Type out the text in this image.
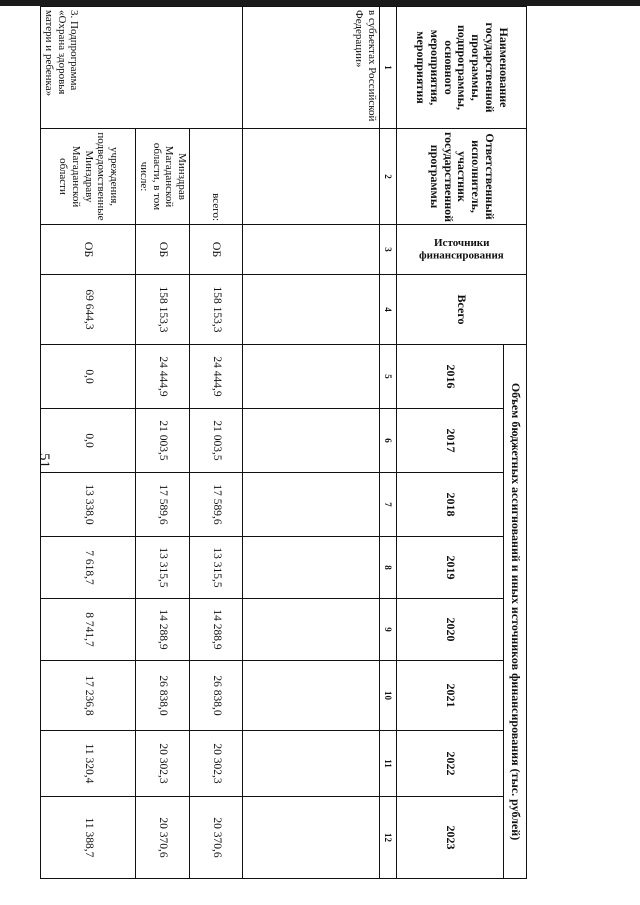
51
Наименование государственной программы, подпрограммы, основного мероприятия, мероприятия	Ответственный исполнитель, участник государственной программы	Источники финансирования	Всего	Объем бюджетных ассигнований и иных источников финансирования (тыс. рублей)							
				2016	2017	2018	2019	2020	2021	2022	2023
1	2	3	4	5	6	7	8	9	10	11	12
в субъектах Российской Федерации»											
3. Подпрограмма «Охрана здоровья матери и ребенка»	всего:	ОБ	158 153,3	24 444,9	21 003,5	17 589,6	13 315,5	14 288,9	26 838,0	20 302,3	20 370,6
	Минздрав Магаданской области, в том числе:	ОБ	158 153,3	24 444,9	21 003,5	17 589,6	13 315,5	14 288,9	26 838,0	20 302,3	20 370,6
	учреждения, подведомственные Минздраву Магаданской области	ОБ	69 644,3	0,0	0,0	13 338,0	7 618,7	8 741,7	17 236,8	11 320,4	11 388,7
